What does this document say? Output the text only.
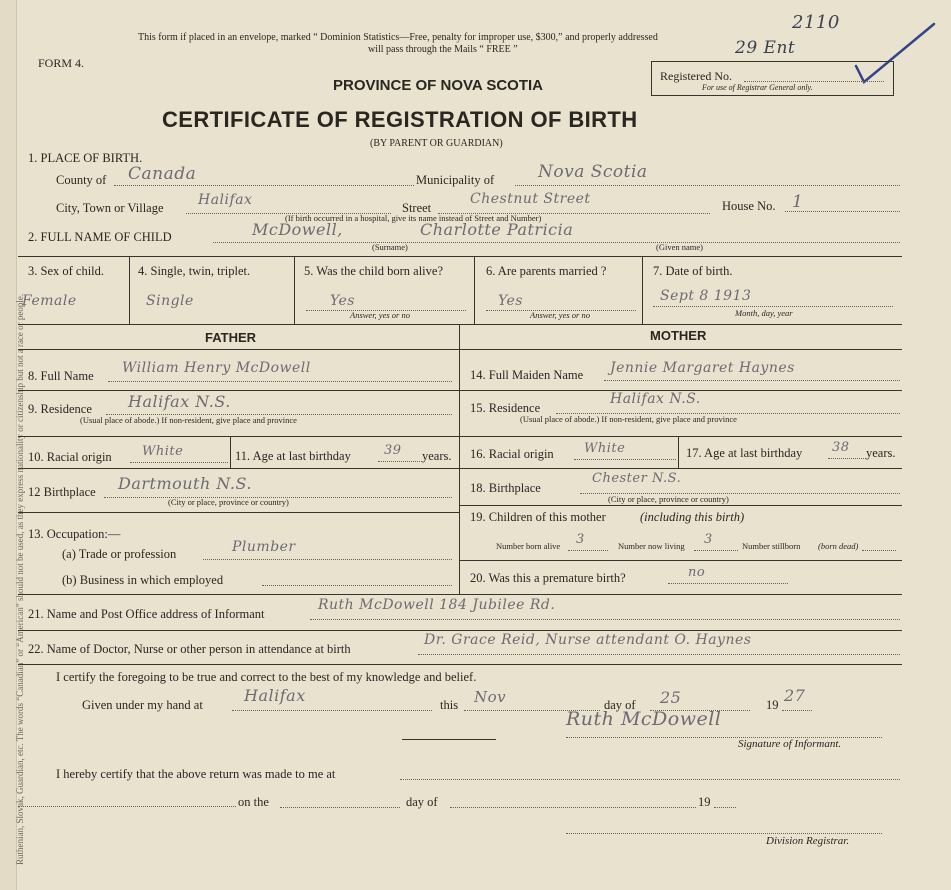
Ruthenian, Slovak, Guardian, etc. The words “Canadian” or “American” should not be used, as they express nationality or citizenship but not a race or people.
This form if placed in an envelope, marked “ Dominion Statistics—Free, penalty for improper use, $300,” and properly addressed
will pass through the Mails “ FREE ”
2110
29 Ent
FORM 4.
PROVINCE OF NOVA SCOTIA
Registered No.
For use of Registrar General only.
CERTIFICATE OF REGISTRATION OF BIRTH
(BY PARENT OR GUARDIAN)
1. PLACE OF BIRTH.
County of Canada	Municipality of	Nova Scotia
City, Town or Village Halifax	Street
Chestnut Street
(If birth occurred in a hospital, give its name instead of Street and Number)
House No. 1
2. FULL NAME OF CHILD	McDowell,	Charlotte Patricia
(Surname)	(Given name)
3. Sex of child.
Female
4. Single, twin, triplet.
Single
5. Was the child born alive?
Yes
Answer, yes or no
6. Are parents married ?
Yes
Answer, yes or no
7. Date of birth.
Sept 8 1913
Month, day, year
FATHER	MOTHER
8. Full Name William Henry McDowell
9. Residence Halifax N.S.
(Usual place of abode.) If non-resident, give place and province
10. Racial origin White	11. Age at last birthday	39 years.
12 Birthplace Dartmouth N.S.
(City or place, province or country)
13. Occupation:—
(a) Trade or profession	Plumber
(b) Business in which employed
14. Full Maiden Name Jennie Margaret Haynes
15. Residence
Halifax N.S.
(Usual place of abode.) If non-resident, give place and province
16. Racial origin White	17. Age at last birthday 38 years.
18. Birthplace
Chester N.S.
(City or place, province or country)
19. Children of this mother	(including this birth)
Number born alive 3	Number now living 3	Number stillborn (born dead)
20. Was this a premature birth?	no
21. Name and Post Office address of Informant
Ruth McDowell 184 Jubilee Rd.
22. Name of Doctor, Nurse or other person in attendance at birth
Dr. Grace Reid, Nurse attendant O. Haynes
I certify the foregoing to be true and correct to the best of my knowledge and belief.
Given under my hand at	Halifax	this Nov	day of 25	19 27
Ruth McDowell
Signature of Informant.
I hereby certify that the above return was made to me at
on the	day of	19
Division Registrar.
